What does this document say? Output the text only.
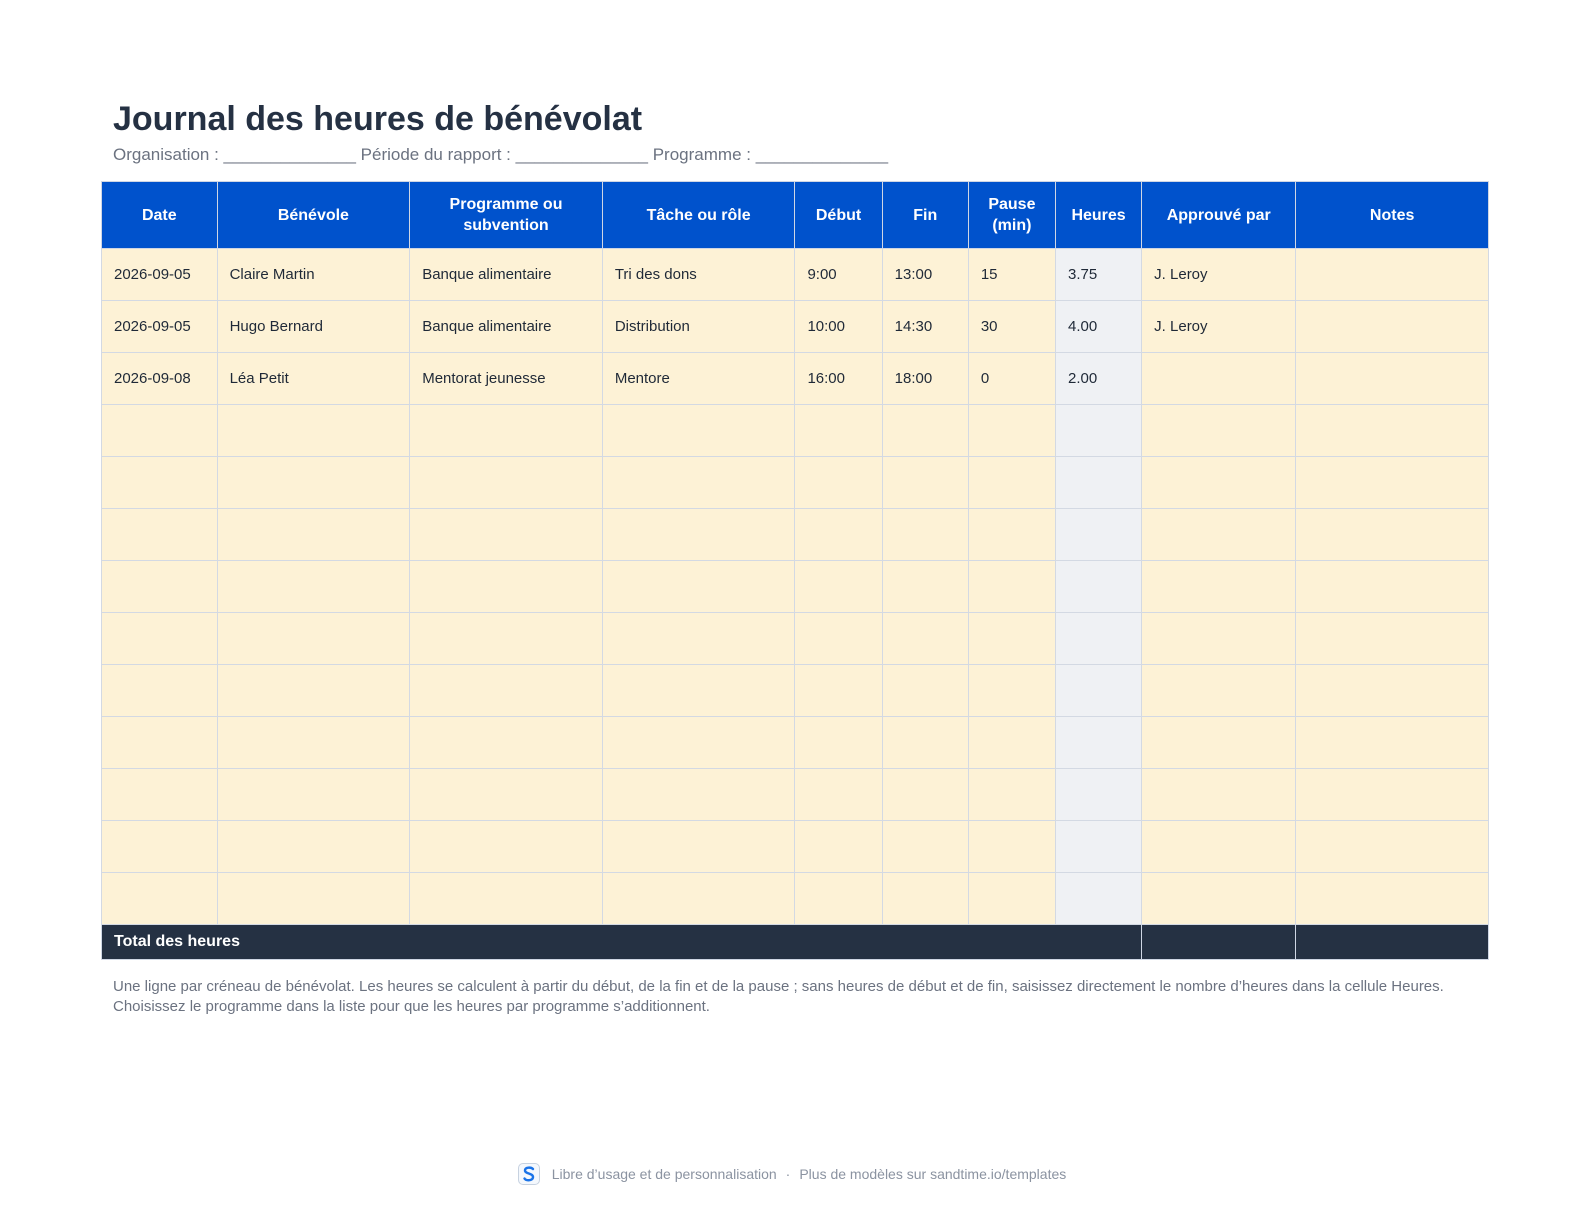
Journal des heures de bénévolat

Organisation : ______________ Période du rapport : ______________ Programme : ______________

Date	Bénévole	Programme ou subvention	Tâche ou rôle	Début	Fin	Pause (min)	Heures	Approuvé par	Notes
2026-09-05	Claire Martin	Banque alimentaire	Tri des dons	9:00	13:00	15	3.75	J. Leroy	
2026-09-05	Hugo Bernard	Banque alimentaire	Distribution	10:00	14:30	30	4.00	J. Leroy	
2026-09-08	Léa Petit	Mentorat jeunesse	Mentore	16:00	18:00	0	2.00		

Total des heures									

Une ligne par créneau de bénévolat. Les heures se calculent à partir du début, de la fin et de la pause ; sans heures de début et de fin, saisissez directement le nombre d’heures dans la cellule Heures. Choisissez le programme dans la liste pour que les heures par programme s’additionnent.

Libre d’usage et de personnalisation · Plus de modèles sur sandtime.io/templates
